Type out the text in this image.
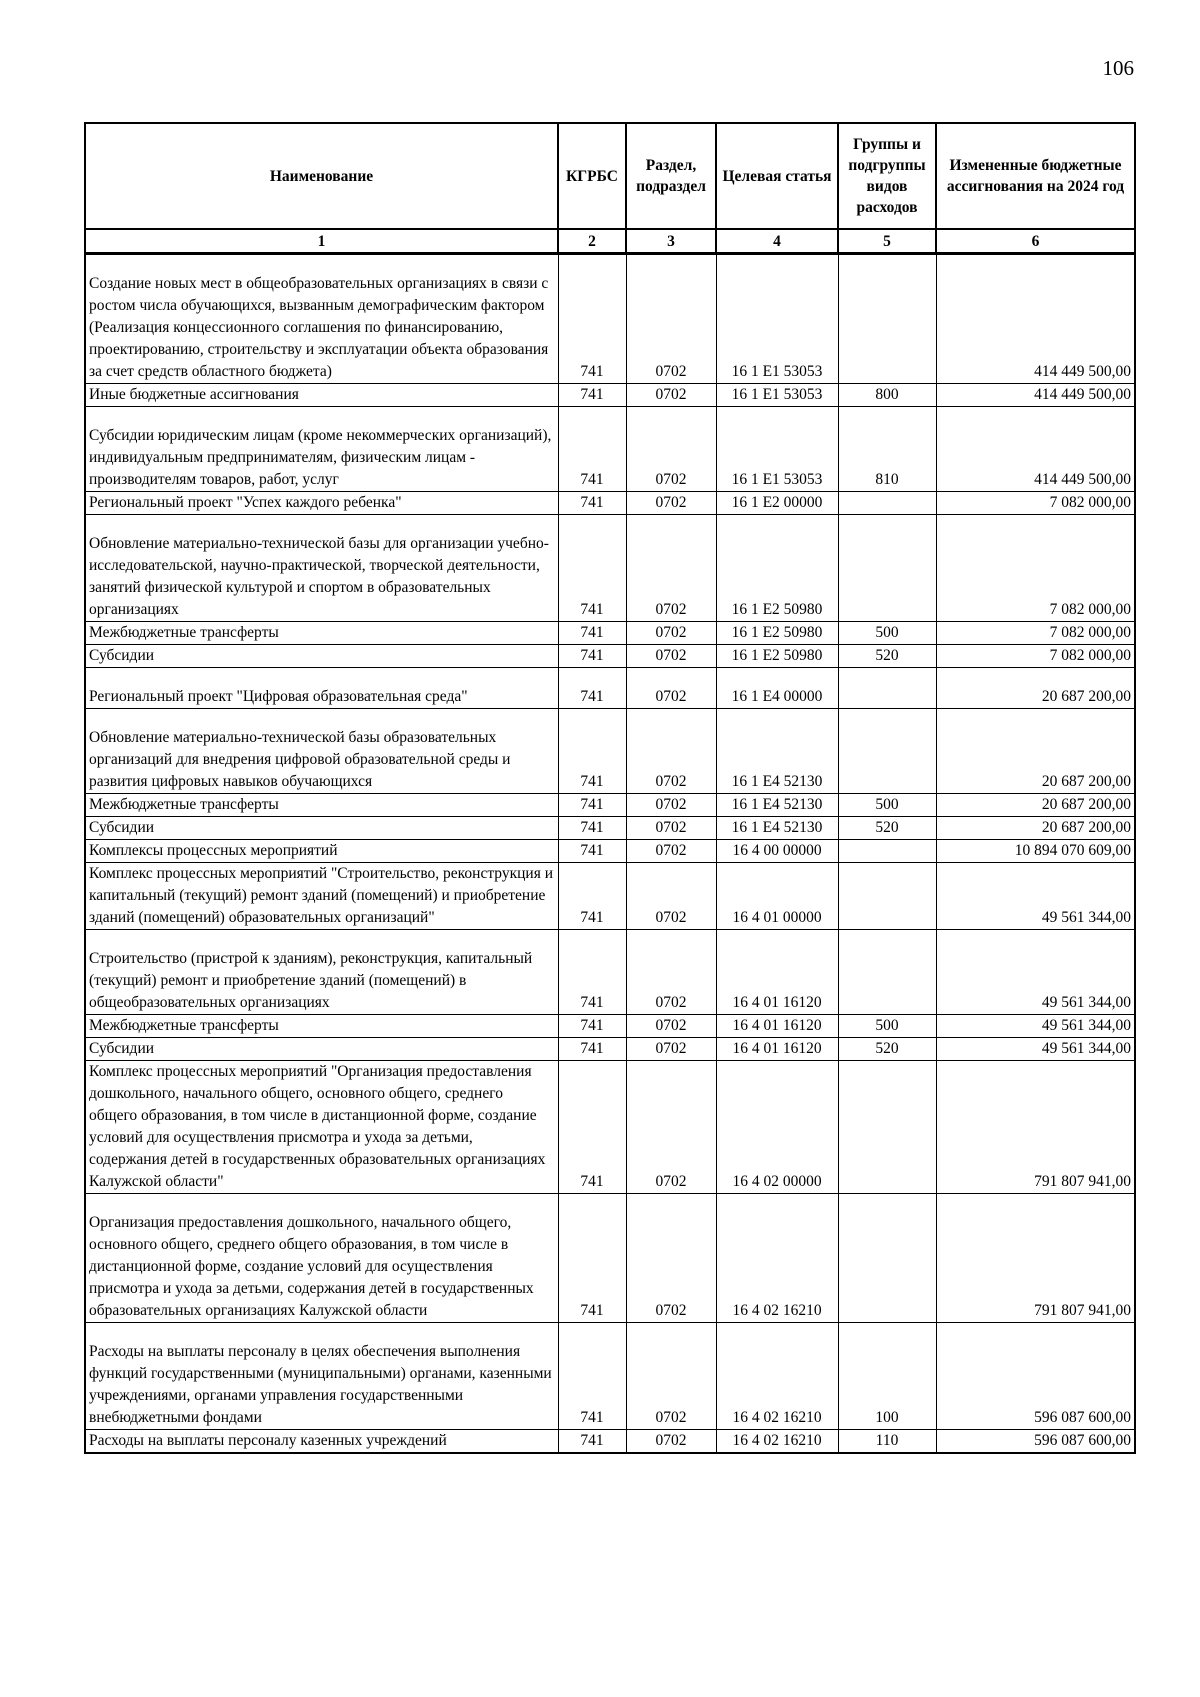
106
Наименование	КГРБС	Раздел, подраздел	Целевая статья	Группы и подгруппы видов расходов	Измененные бюджетные ассигнования на 2024 год
1	2	3	4	5	6
Создание новых мест в общеобразовательных организациях в связи с ростом числа обучающихся, вызванным демографическим фактором (Реализация концессионного соглашения по финансированию, проектированию, строительству и эксплуатации объекта образования за счет средств областного бюджета)	741	0702	16 1 E1 53053		414 449 500,00
Иные бюджетные ассигнования	741	0702	16 1 E1 53053	800	414 449 500,00
Субсидии юридическим лицам (кроме некоммерческих организаций), индивидуальным предпринимателям, физическим лицам - производителям товаров, работ, услуг	741	0702	16 1 E1 53053	810	414 449 500,00
Региональный проект "Успех каждого ребенка"	741	0702	16 1 E2 00000		7 082 000,00
Обновление материально-технической базы для организации учебно-исследовательской, научно-практической, творческой деятельности, занятий физической культурой и спортом в образовательных организациях	741	0702	16 1 E2 50980		7 082 000,00
Межбюджетные трансферты	741	0702	16 1 E2 50980	500	7 082 000,00
Субсидии	741	0702	16 1 E2 50980	520	7 082 000,00
Региональный проект "Цифровая образовательная среда"	741	0702	16 1 E4 00000		20 687 200,00
Обновление материально-технической базы образовательных организаций для внедрения цифровой образовательной среды и развития цифровых навыков обучающихся	741	0702	16 1 E4 52130		20 687 200,00
Межбюджетные трансферты	741	0702	16 1 E4 52130	500	20 687 200,00
Субсидии	741	0702	16 1 E4 52130	520	20 687 200,00
Комплексы процессных мероприятий	741	0702	16 4 00 00000		10 894 070 609,00
Комплекс процессных мероприятий "Строительство, реконструкция и капитальный (текущий) ремонт зданий (помещений) и приобретение зданий (помещений) образовательных организаций"	741	0702	16 4 01 00000		49 561 344,00
Строительство (пристрой к зданиям), реконструкция, капитальный (текущий) ремонт и приобретение зданий (помещений) в общеобразовательных организациях	741	0702	16 4 01 16120		49 561 344,00
Межбюджетные трансферты	741	0702	16 4 01 16120	500	49 561 344,00
Субсидии	741	0702	16 4 01 16120	520	49 561 344,00
Комплекс процессных мероприятий "Организация предоставления дошкольного, начального общего, основного общего, среднего общего образования, в том числе в дистанционной форме, создание условий для осуществления присмотра и ухода за детьми, содержания детей в государственных образовательных организациях Калужской области"	741	0702	16 4 02 00000		791 807 941,00
Организация предоставления дошкольного, начального общего, основного общего, среднего общего образования, в том числе в дистанционной форме, создание условий для осуществления присмотра и ухода за детьми, содержания детей в государственных образовательных организациях Калужской области	741	0702	16 4 02 16210		791 807 941,00
Расходы на выплаты персоналу в целях обеспечения выполнения функций государственными (муниципальными) органами, казенными учреждениями, органами управления государственными внебюджетными фондами	741	0702	16 4 02 16210	100	596 087 600,00
Расходы на выплаты персоналу казенных учреждений	741	0702	16 4 02 16210	110	596 087 600,00
